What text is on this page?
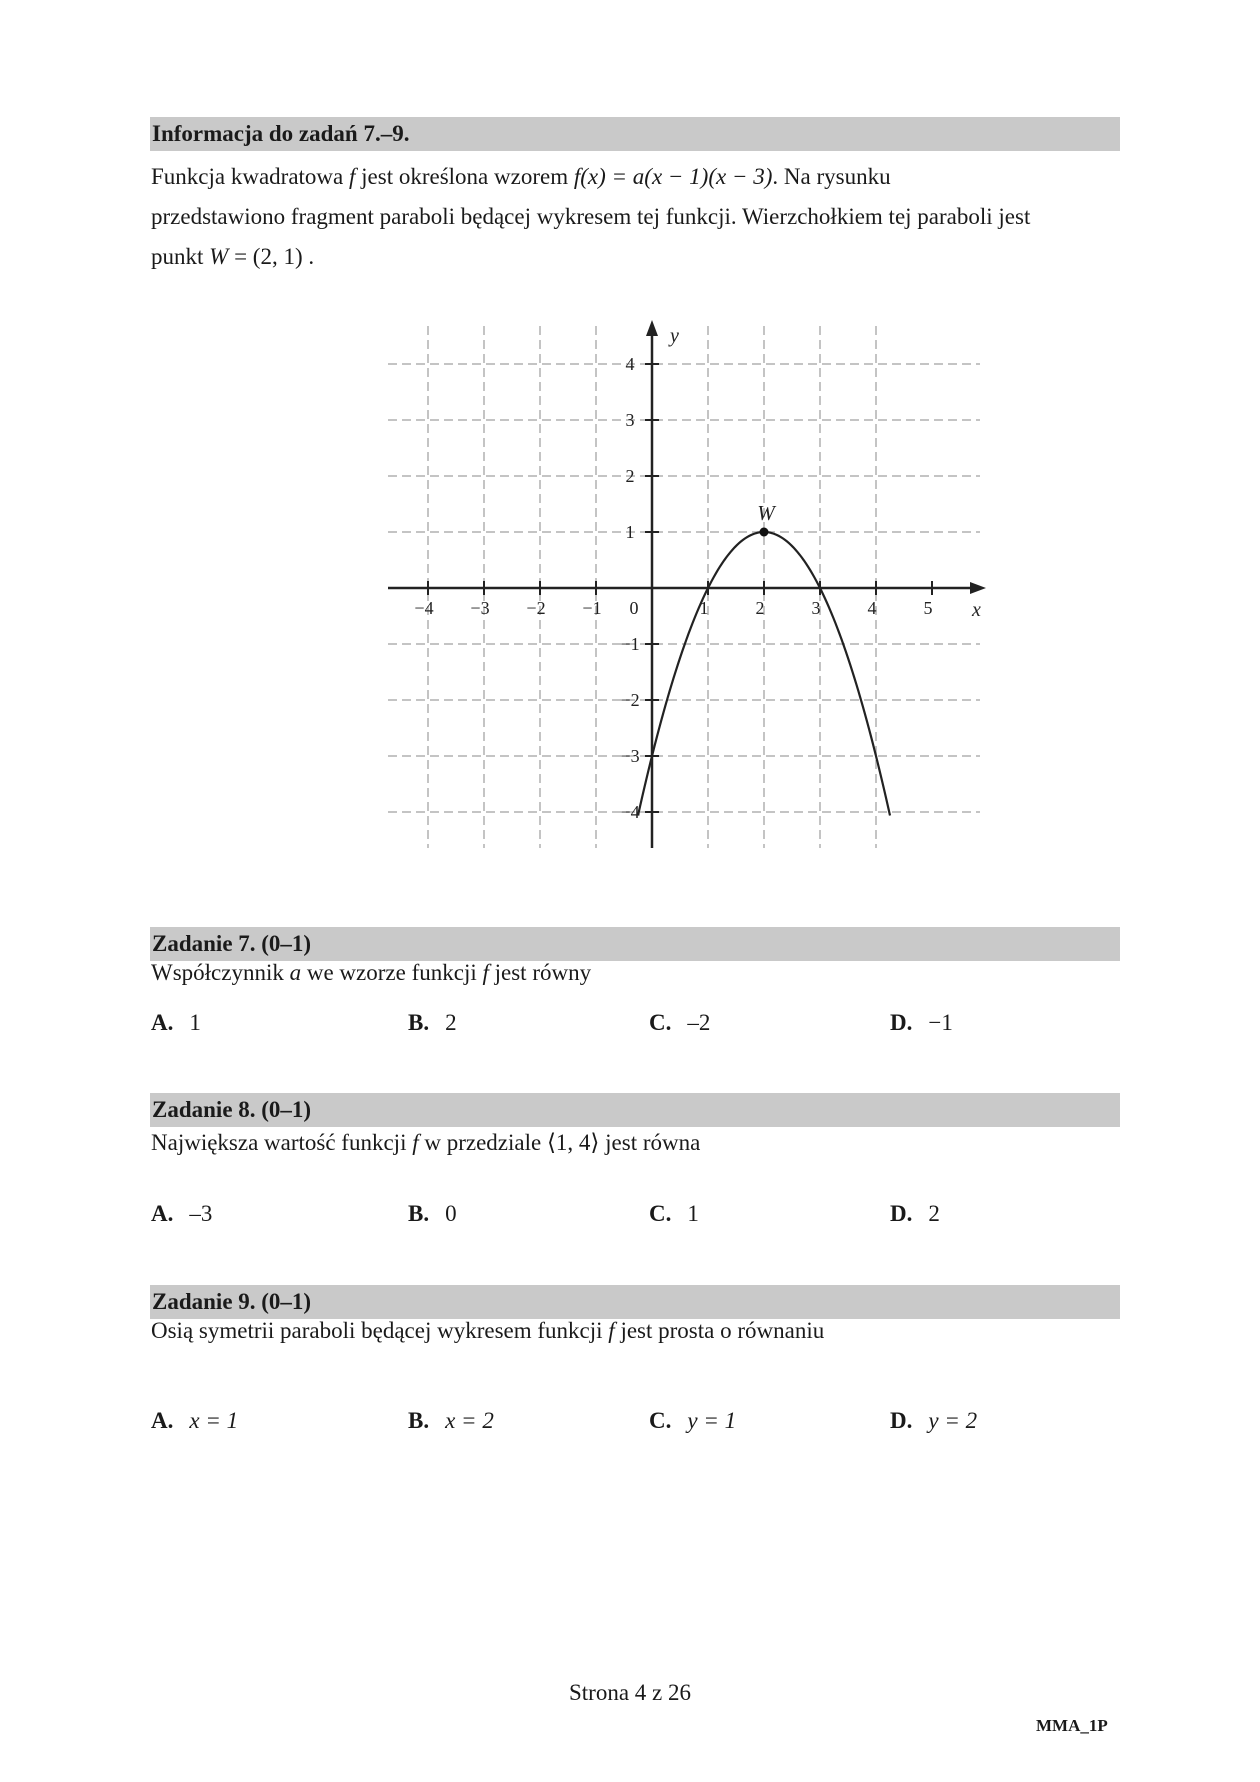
Informacja do zadań 7.–9.
Funkcja kwadratowa f jest określona wzorem f(x) = a(x − 1)(x − 3). Na rysunku
przedstawiono fragment paraboli będącej wykresem tej funkcji. Wierzchołkiem tej paraboli jest
punkt W = (2, 1) .
−4 −3 −2 −1	1	2	3	4	5
4
3
2
1
−1
−2
−3
−4
0	x
y
W
Zadanie 7. (0–1)
Współczynnik a we wzorze funkcji f jest równy
A. 1	B. 2	C. –2	D. −1
Zadanie 8. (0–1)
Największa wartość funkcji f w przedziale ⟨1, 4⟩ jest równa
A. –3	B. 0	C. 1	D. 2
Zadanie 9. (0–1)
Osią symetrii paraboli będącej wykresem funkcji f jest prosta o równaniu
A. x = 1	B. x = 2	C. y = 1	D. y = 2
Strona 4 z 26
MMA_1P
